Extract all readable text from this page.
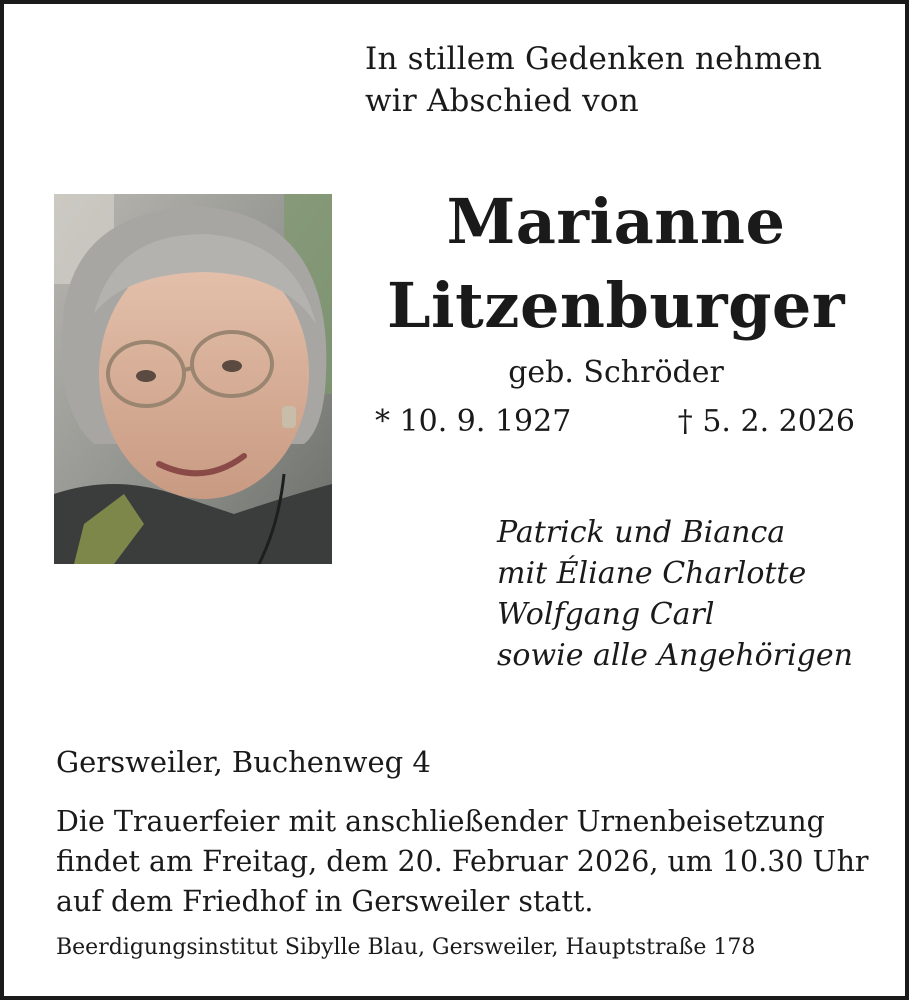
In stillem Gedenken nehmen
wir Abschied von
Marianne
Litzenburger
geb. Schröder
* 10. 9. 1927	† 5. 2. 2026
Patrick und Bianca
mit Éliane Charlotte
Wolfgang Carl
sowie alle Angehörigen
Gersweiler, Buchenweg 4
Die Trauerfeier mit anschließender Urnenbeisetzung
findet am Freitag, dem 20. Februar 2026, um 10.30 Uhr
auf dem Friedhof in Gersweiler statt.
Beerdigungsinstitut Sibylle Blau, Gersweiler, Hauptstraße 178
